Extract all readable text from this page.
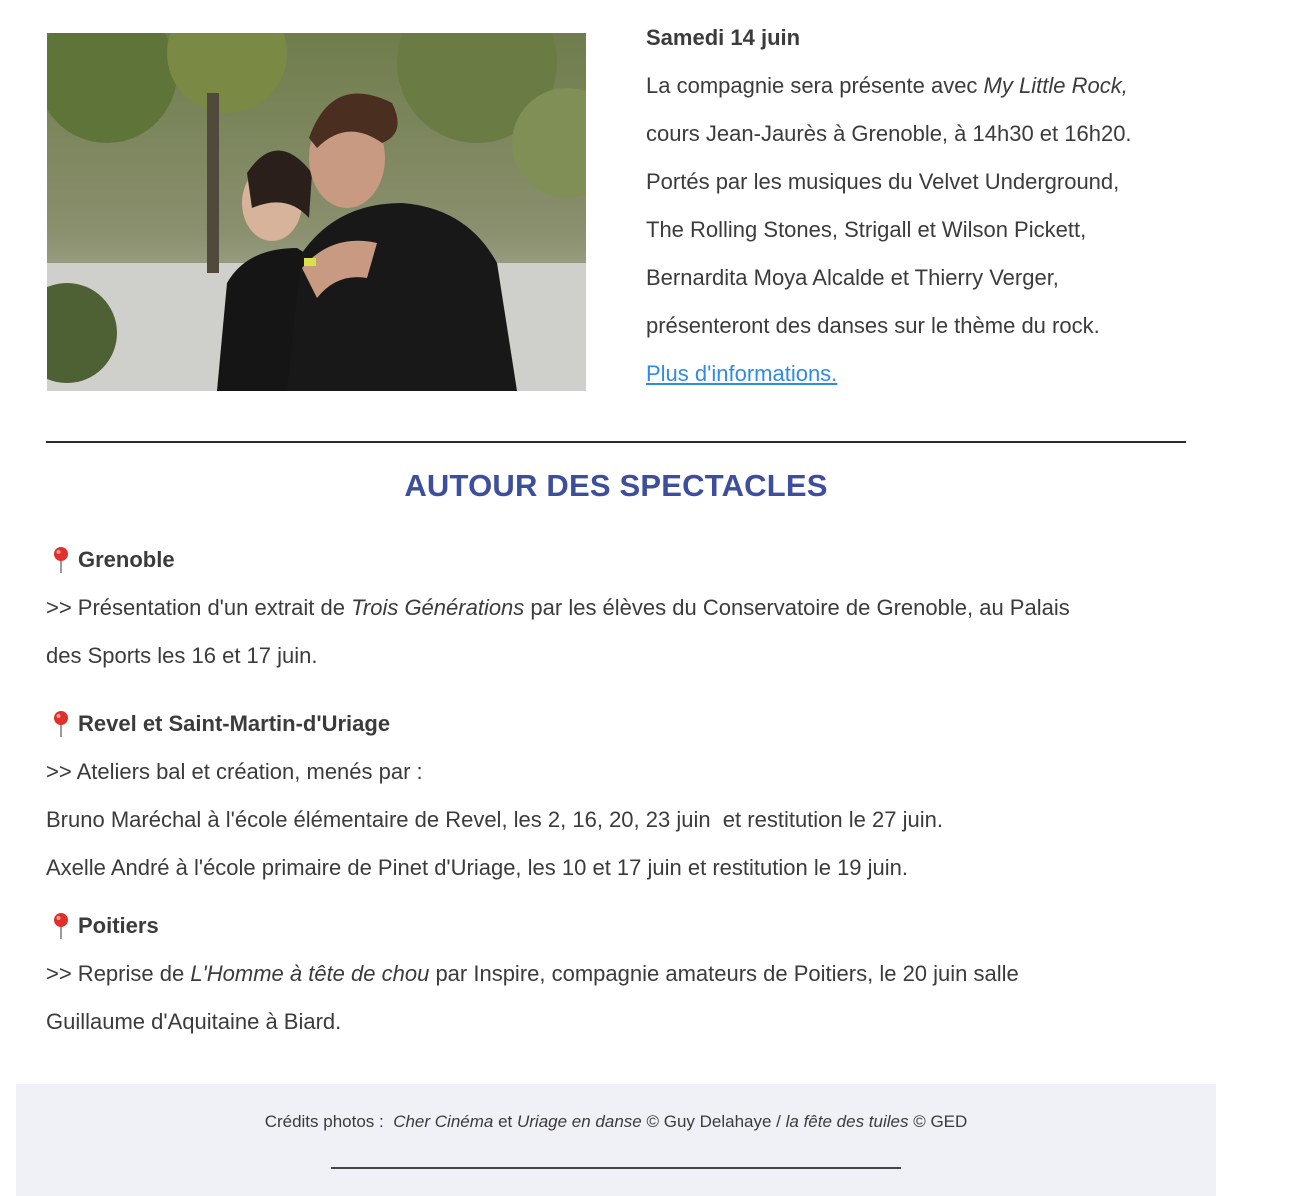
Samedi 14 juin
La compagnie sera présente avec My Little Rock,
cours Jean-Jaurès à Grenoble, à 14h30 et 16h20.
Portés par les musiques du Velvet Underground,
The Rolling Stones, Strigall et Wilson Pickett,
Bernardita Moya Alcalde et Thierry Verger,
présenteront des danses sur le thème du rock.
Plus d'informations.
AUTOUR DES SPECTACLES
Grenoble
>> Présentation d'un extrait de Trois Générations par les élèves du Conservatoire de Grenoble, au Palais
des Sports les 16 et 17 juin.
Revel et Saint-Martin-d'Uriage
>> Ateliers bal et création, menés par :
Bruno Maréchal à l'école élémentaire de Revel, les 2, 16, 20, 23 juin  et restitution le 27 juin.
Axelle André à l'école primaire de Pinet d'Uriage, les 10 et 17 juin et restitution le 19 juin.
Poitiers
>> Reprise de L'Homme à tête de chou par Inspire, compagnie amateurs de Poitiers, le 20 juin salle
Guillaume d'Aquitaine à Biard.
Crédits photos :  Cher Cinéma et Uriage en danse © Guy Delahaye / la fête des tuiles © GED
